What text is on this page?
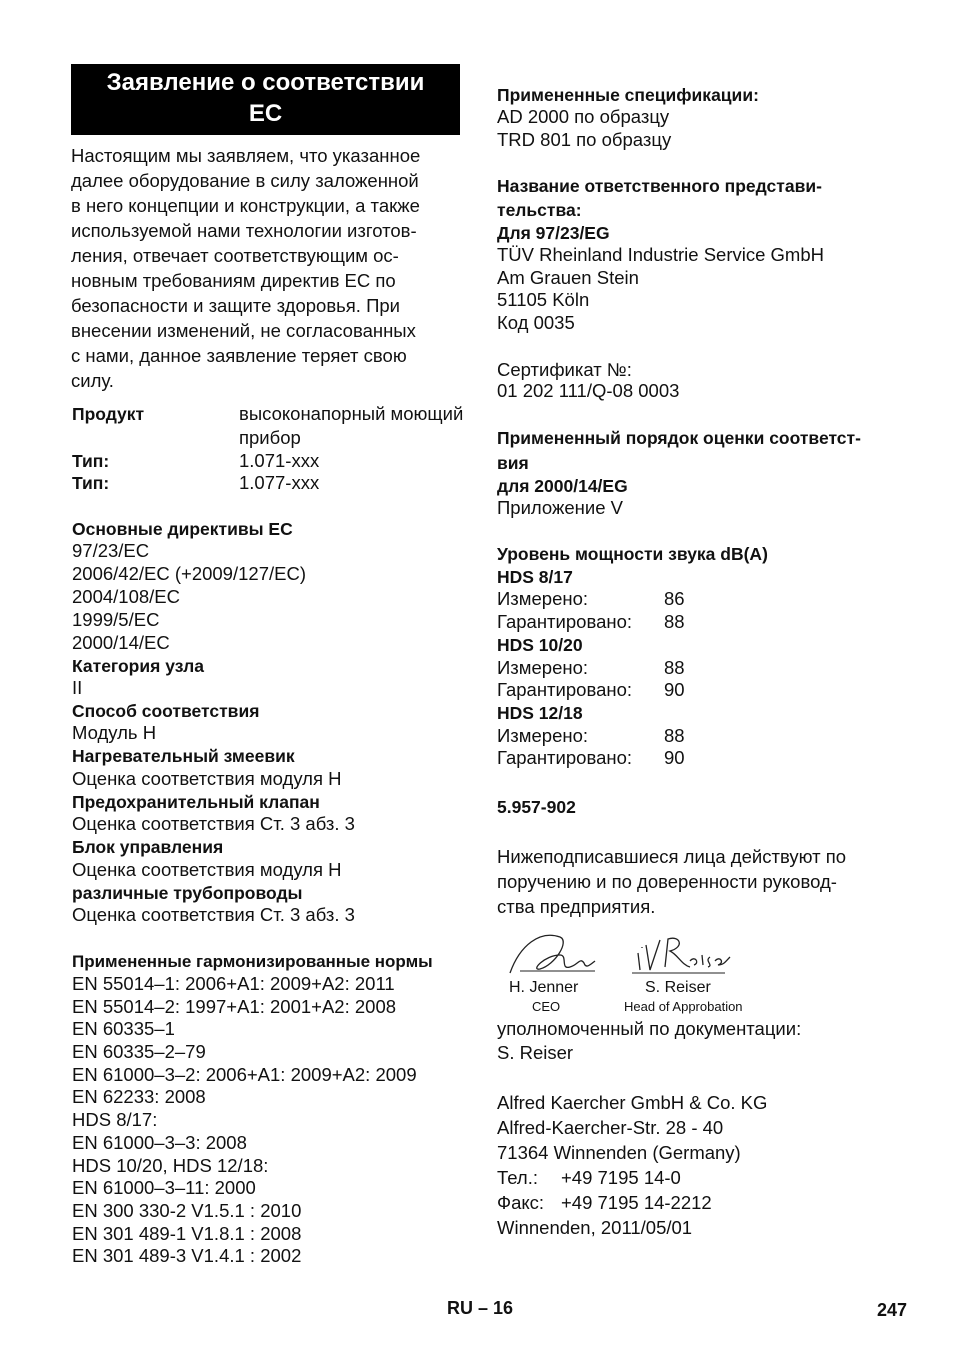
Заявление о соответствии
ЕС
Настоящим мы заявляем, что указанное
далее оборудование в силу заложенной
в него концепции и конструкции, а также
используемой нами технологии изготов-
ления, отвечает соответствующим ос-
новным требованиям директив ЕС по
безопасности и защите здоровья. При
внесении изменений, не согласованных
с нами, данное заявление теряет свою
силу.
Продукт	высоконапорный моющий
прибор
Тип:	1.071-xxx
Тип:	1.077-xxx
Основные директивы ЕС
97/23/EC
2006/42/EC (+2009/127/EC)
2004/108/EC
1999/5/EC
2000/14/EC
Категория узла
II
Способ соответствия
Модуль H
Нагревательный змеевик
Оценка соответствия модуля H
Предохранительный клапан
Оценка соответствия Ст. 3 абз. 3
Блок управления
Оценка соответствия модуля H
различные трубопроводы
Оценка соответствия Ст. 3 абз. 3
Примененные гармонизированные нормы
EN 55014–1: 2006+A1: 2009+A2: 2011
EN 55014–2: 1997+A1: 2001+A2: 2008
EN 60335–1
EN 60335–2–79
EN 61000–3–2: 2006+A1: 2009+A2: 2009
EN 62233: 2008
HDS 8/17:
EN 61000–3–3: 2008
HDS 10/20, HDS 12/18:
EN 61000–3–11: 2000
EN 300 330-2 V1.5.1 : 2010
EN 301 489-1 V1.8.1 : 2008
EN 301 489-3 V1.4.1 : 2002
Примененные спецификации:
AD 2000 по образцу
TRD 801 по образцу
Название ответственного представи-
тельства:
Для 97/23/EG
TÜV Rheinland Industrie Service GmbH
Am Grauen Stein
51105 Köln
Код 0035
Сертификат №:
01 202 111/Q-08 0003
Примененный порядок оценки соответст-
вия
для 2000/14/EG
Приложение V
Уровень мощности звука dB(A)
HDS 8/17
Измерено:	86
Гарантировано: 88
HDS 10/20
Измерено:	88
Гарантировано: 90
HDS 12/18
Измерено:	88
Гарантировано: 90
5.957-902
Нижеподписавшиеся лица действуют по
поручению и по доверенности руковод-
ства предприятия.
H. Jenner	S. Reiser
CEO	Head of Approbation
уполномоченный по документации:
S. Reiser
Alfred Kaercher GmbH & Co. KG
Alfred-Kaercher-Str. 28 - 40
71364 Winnenden (Germany)
Тел.: +49 7195 14-0
Факс: +49 7195 14-2212
Winnenden, 2011/05/01
RU – 16	247
